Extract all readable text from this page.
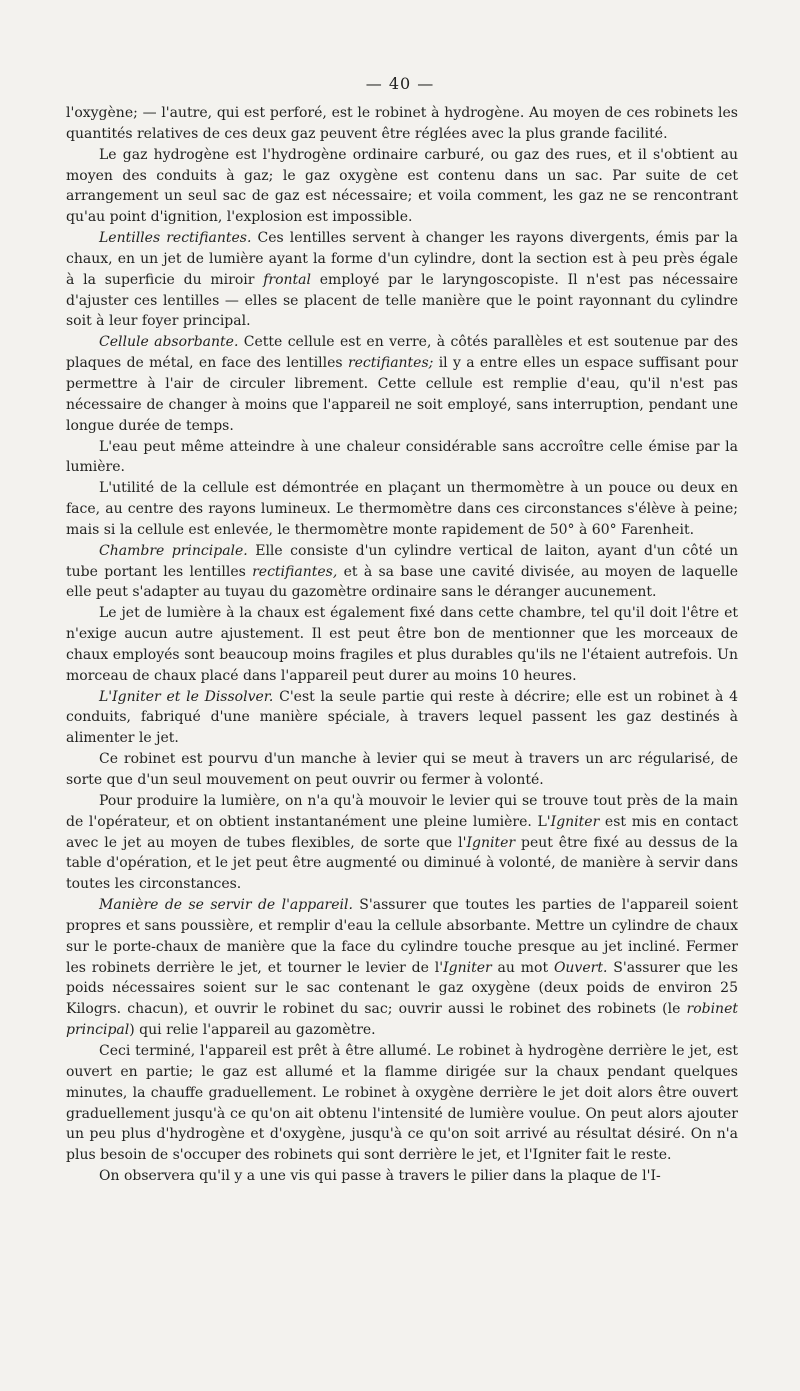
— 40 —

l'oxygène; — l'autre, qui est perforé, est le robinet à hydrogène. Au moyen de ces robinets les quantités relatives de ces deux gaz peuvent être réglées avec la plus grande facilité.

Le gaz hydrogène est l'hydrogène ordinaire carburé, ou gaz des rues, et il s'obtient au moyen des conduits à gaz; le gaz oxygène est contenu dans un sac. Par suite de cet arrangement un seul sac de gaz est nécessaire; et voila comment, les gaz ne se rencontrant qu'au point d'ignition, l'explosion est impossible.

Lentilles rectifiantes. Ces lentilles servent à changer les rayons divergents, émis par la chaux, en un jet de lumière ayant la forme d'un cylindre, dont la section est à peu près égale à la superficie du miroir frontal employé par le laryngoscopiste. Il n'est pas nécessaire d'ajuster ces lentilles — elles se placent de telle manière que le point rayonnant du cylindre soit à leur foyer principal.

Cellule absorbante. Cette cellule est en verre, à côtés parallèles et est soutenue par des plaques de métal, en face des lentilles rectifiantes; il y a entre elles un espace suffisant pour permettre à l'air de circuler librement. Cette cellule est remplie d'eau, qu'il n'est pas nécessaire de changer à moins que l'appareil ne soit employé, sans interruption, pendant une longue durée de temps.

L'eau peut même atteindre à une chaleur considérable sans accroître celle émise par la lumière.

L'utilité de la cellule est démontrée en plaçant un thermomètre à un pouce ou deux en face, au centre des rayons lumineux. Le thermomètre dans ces circonstances s'élève à peine; mais si la cellule est enlevée, le thermomètre monte rapidement de 50° à 60° Farenheit.

Chambre principale. Elle consiste d'un cylindre vertical de laiton, ayant d'un côté un tube portant les lentilles rectifiantes, et à sa base une cavité divisée, au moyen de laquelle elle peut s'adapter au tuyau du gazomètre ordinaire sans le déranger aucunement.

Le jet de lumière à la chaux est également fixé dans cette chambre, tel qu'il doit l'être et n'exige aucun autre ajustement. Il est peut être bon de mentionner que les morceaux de chaux employés sont beaucoup moins fragiles et plus durables qu'ils ne l'étaient autrefois. Un morceau de chaux placé dans l'appareil peut durer au moins 10 heures.

L'Igniter et le Dissolver. C'est la seule partie qui reste à décrire; elle est un robinet à 4 conduits, fabriqué d'une manière spéciale, à travers lequel passent les gaz destinés à alimenter le jet.

Ce robinet est pourvu d'un manche à levier qui se meut à travers un arc régularisé, de sorte que d'un seul mouvement on peut ouvrir ou fermer à volonté.

Pour produire la lumière, on n'a qu'à mouvoir le levier qui se trouve tout près de la main de l'opérateur, et on obtient instantanément une pleine lumière. L'Igniter est mis en contact avec le jet au moyen de tubes flexibles, de sorte que l'Igniter peut être fixé au dessus de la table d'opération, et le jet peut être augmenté ou diminué à volonté, de manière à servir dans toutes les circonstances.

Manière de se servir de l'appareil. S'assurer que toutes les parties de l'appareil soient propres et sans poussière, et remplir d'eau la cellule absorbante. Mettre un cylindre de chaux sur le porte-chaux de manière que la face du cylindre touche presque au jet incliné. Fermer les robinets derrière le jet, et tourner le levier de l'Igniter au mot Ouvert. S'assurer que les poids nécessaires soient sur le sac contenant le gaz oxygène (deux poids de environ 25 Kilogrs. chacun), et ouvrir le robinet du sac; ouvrir aussi le robinet des robinets (le robinet principal) qui relie l'appareil au gazomètre.

Ceci terminé, l'appareil est prêt à être allumé. Le robinet à hydrogène derrière le jet, est ouvert en partie; le gaz est allumé et la flamme dirigée sur la chaux pendant quelques minutes, la chauffe graduellement. Le robinet à oxygène derrière le jet doit alors être ouvert graduellement jusqu'à ce qu'on ait obtenu l'intensité de lumière voulue. On peut alors ajouter un peu plus d'hydrogène et d'oxygène, jusqu'à ce qu'on soit arrivé au résultat désiré. On n'a plus besoin de s'occuper des robinets qui sont derrière le jet, et l'Igniter fait le reste.

On observera qu'il y a une vis qui passe à travers le pilier dans la plaque de l'I-
